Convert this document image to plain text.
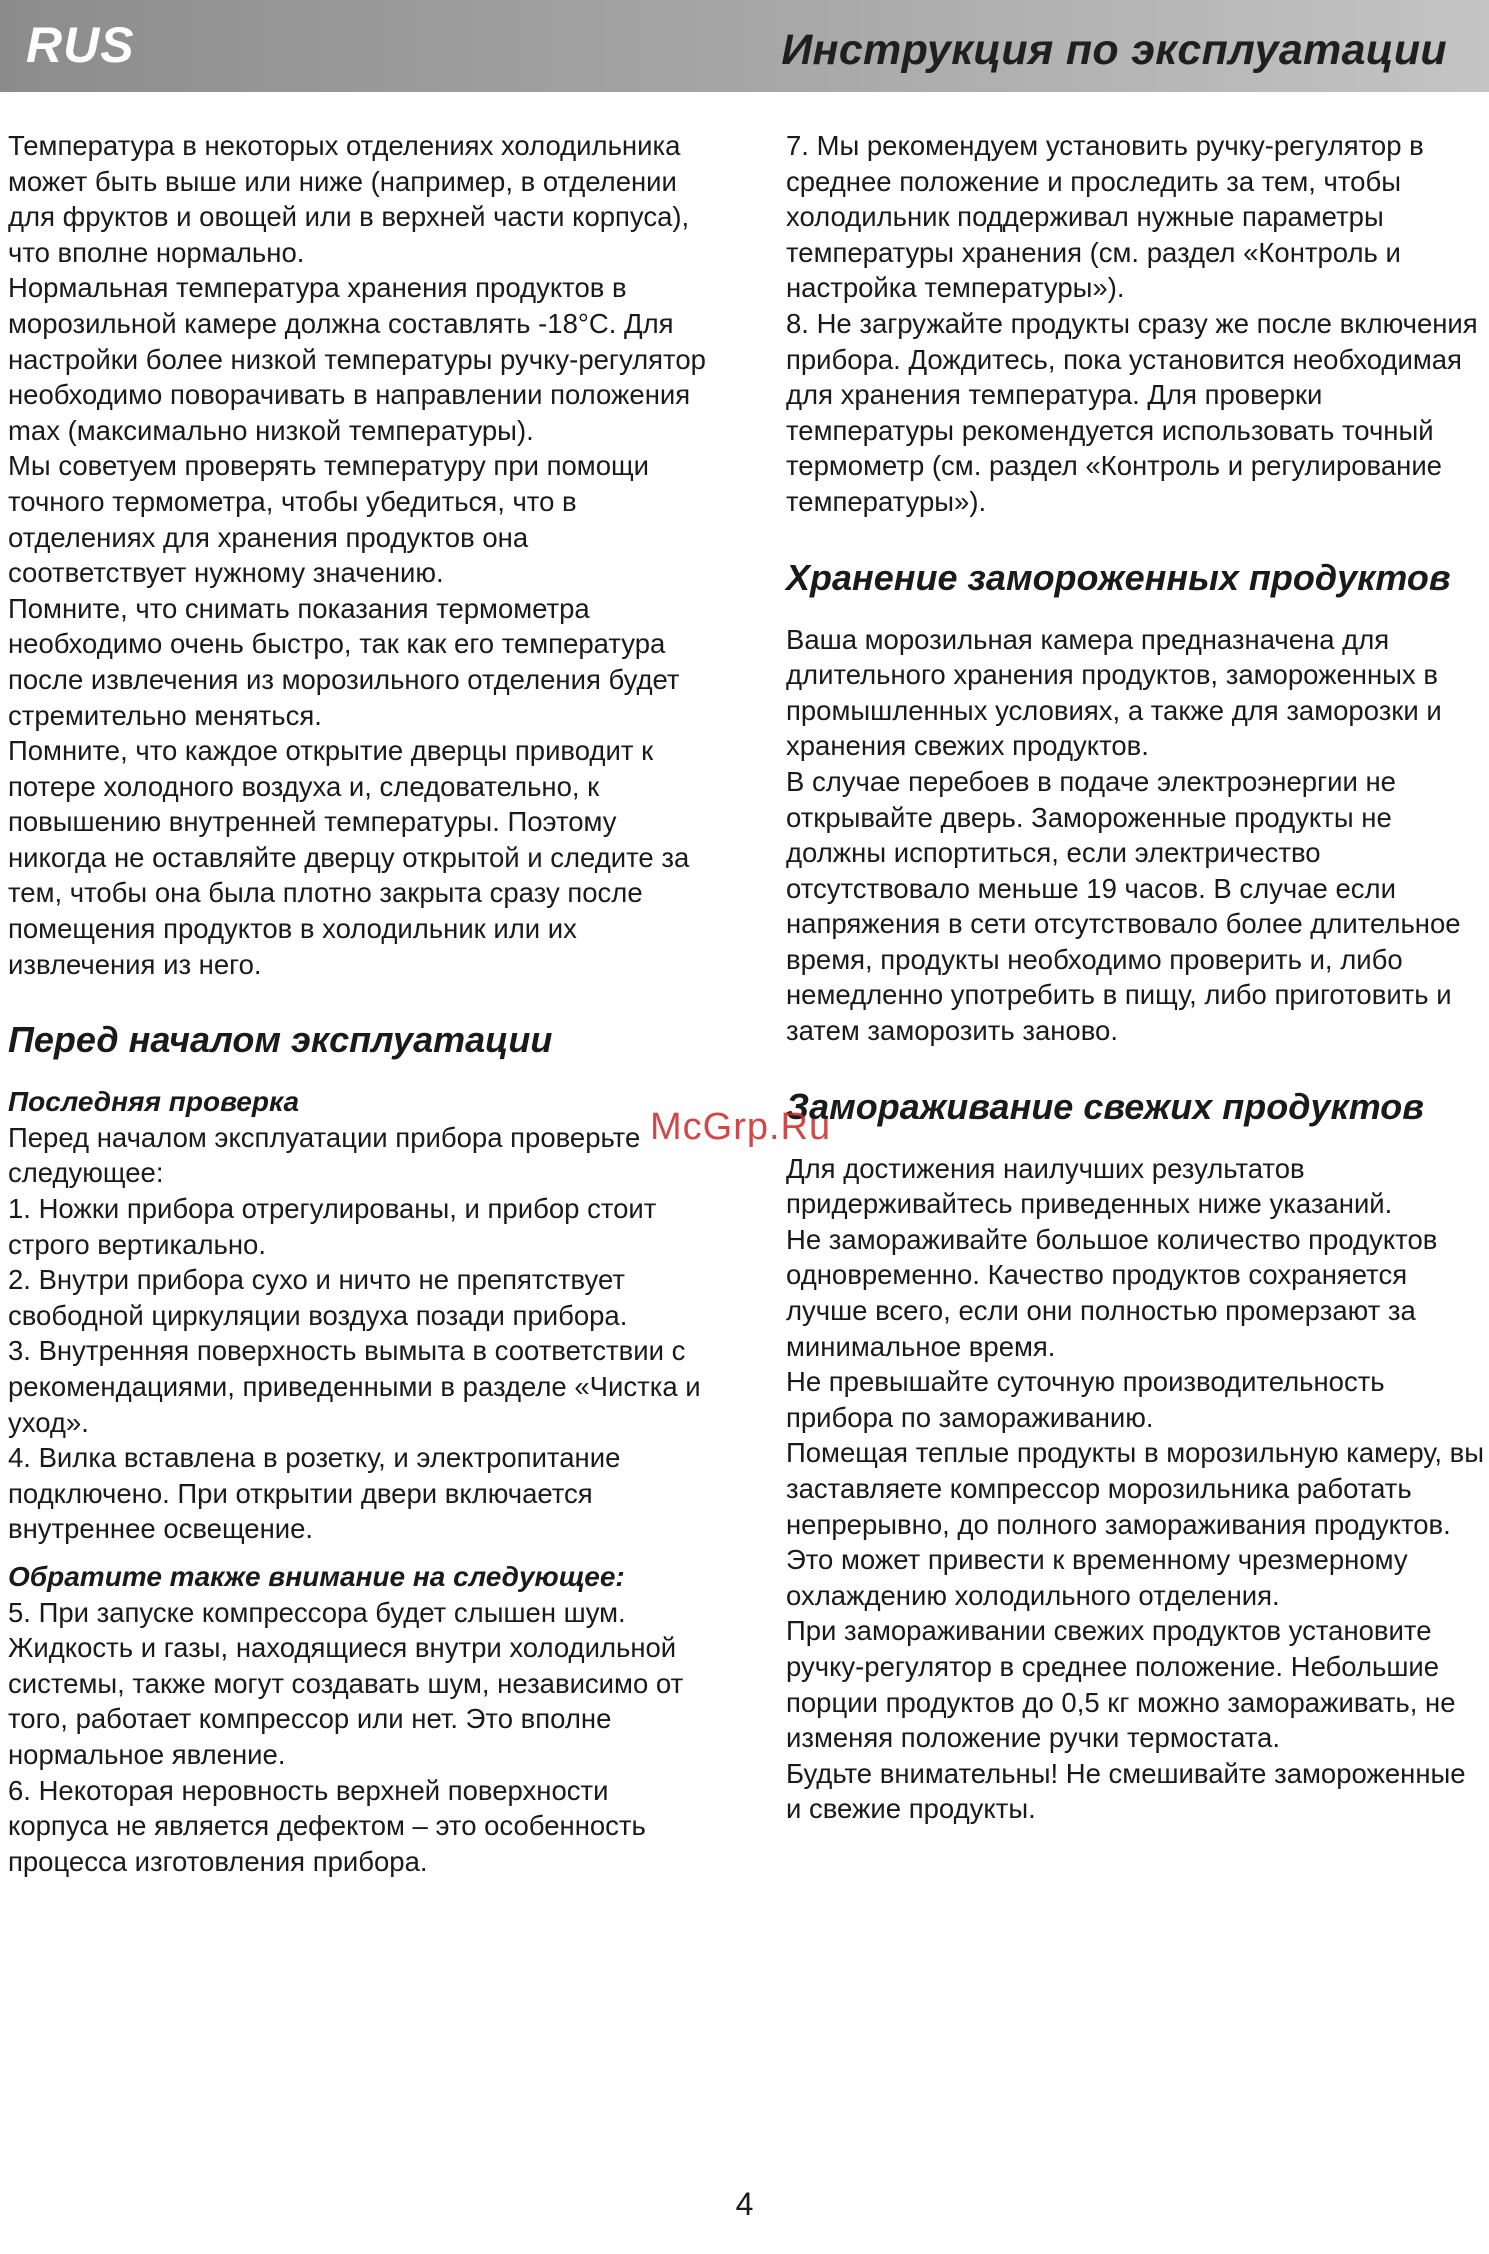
RUS	Инструкция по эксплуатации

Температура в некоторых отделениях холодильника может быть выше или ниже (например, в отделении для фруктов и овощей или в верхней части корпуса), что вполне нормально.

Нормальная температура хранения продуктов в морозильной камере должна составлять -18°С. Для настройки более низкой температуры ручку-регулятор необходимо поворачивать в направлении положения max (максимально низкой температуры).

Мы советуем проверять температуру при помощи точного термометра, чтобы убедиться, что в отделениях для хранения продуктов она соответствует нужному значению.

Помните, что снимать показания термометра необходимо очень быстро, так как его температура после извлечения из морозильного отделения будет стремительно меняться.

Помните, что каждое открытие дверцы приводит к потере холодного воздуха и, следовательно, к повышению внутренней температуры. Поэтому никогда не оставляйте дверцу открытой и следите за тем, чтобы она была плотно закрыта сразу после помещения продуктов в холодильник или их извлечения из него.

Перед началом эксплуатации
Последняя проверка

Перед началом эксплуатации прибора проверьте следующее:

1. Ножки прибора отрегулированы, и прибор стоит строго вертикально.

2. Внутри прибора сухо и ничто не препятствует свободной циркуляции воздуха позади прибора.

3. Внутренняя поверхность вымыта в соответствии с рекомендациями, приведенными в разделе «Чистка и уход».

4. Вилка вставлена в розетку, и электропитание подключено. При открытии двери включается внутреннее освещение.

Обратите также внимание на следующее:

5. При запуске компрессора будет слышен шум. Жидкость и газы, находящиеся внутри холодильной системы, также могут создавать шум, независимо от того, работает компрессор или нет. Это вполне нормальное явление.

6. Некоторая неровность верхней поверхности корпуса не является дефектом – это особенность процесса изготовления прибора.

7. Мы рекомендуем установить ручку-регулятор в среднее положение и проследить за тем, чтобы холодильник поддерживал нужные параметры температуры хранения (см. раздел «Контроль и настройка температуры»).

8. Не загружайте продукты сразу же после включения прибора. Дождитесь, пока установится необходимая для хранения температура. Для проверки температуры рекомендуется использовать точный термометр (см. раздел «Контроль и регулирование температуры»).

Хранение замороженных продуктов

Ваша морозильная камера предназначена для длительного хранения продуктов, замороженных в промышленных условиях, а также для заморозки и хранения свежих продуктов.

В случае перебоев в подаче электроэнергии не открывайте дверь. Замороженные продукты не должны испортиться, если электричество отсутствовало меньше 19 часов. В случае если напряжения в сети отсутствовало более длительное время, продукты необходимо проверить и, либо немедленно употребить в пищу, либо приготовить и затем заморозить заново.

Замораживание свежих продуктов

Для достижения наилучших результатов придерживайтесь приведенных ниже указаний.

Не замораживайте большое количество продуктов одновременно. Качество продуктов сохраняется лучше всего, если они полностью промерзают за минимальное время.

Не превышайте суточную производительность прибора по замораживанию.

Помещая теплые продукты в морозильную камеру, вы заставляете компрессор морозильника работать непрерывно, до полного замораживания продуктов. Это может привести к временному чрезмерному охлаждению холодильного отделения.

При замораживании свежих продуктов установите ручку-регулятор в среднее положение. Небольшие порции продуктов до 0,5 кг можно замораживать, не изменяя положение ручки термостата.

Будьте внимательны! Не смешивайте замороженные и свежие продукты.

McGrp.Ru
4
